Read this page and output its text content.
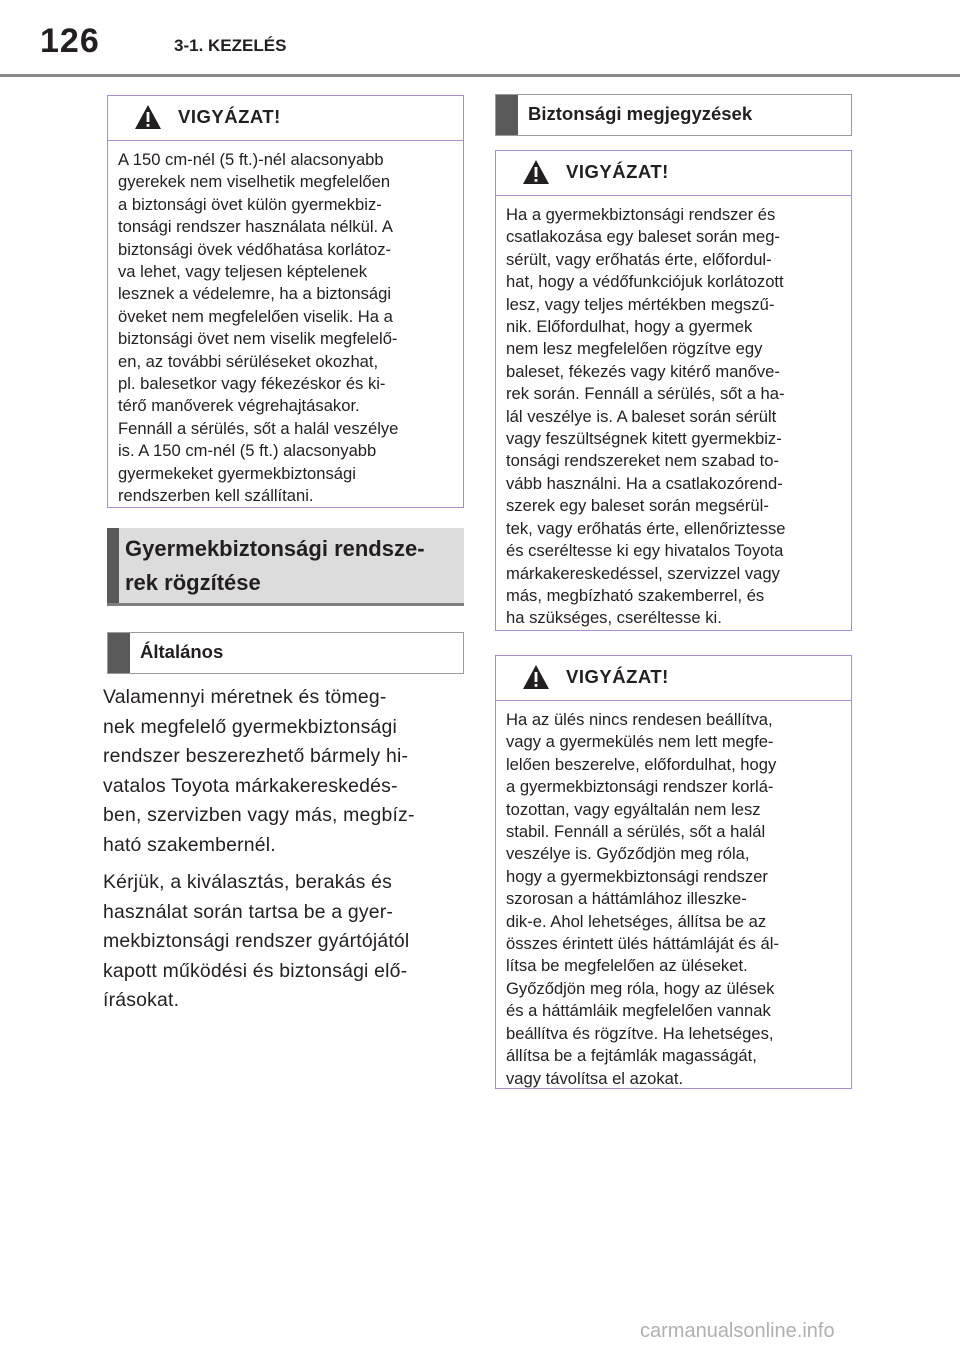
126	3-1. KEZELÉS
VIGYÁZAT!

A 150 cm-nél (5 ft.)-nél alacsonyabb

gyerekek nem viselhetik megfelelően

a biztonsági övet külön gyermekbiz-

tonsági rendszer használata nélkül. A

biztonsági övek védőhatása korlátoz-

va lehet, vagy teljesen képtelenek

lesznek a védelemre, ha a biztonsági

öveket nem megfelelően viselik. Ha a

biztonsági övet nem viselik megfelelő-

en, az további sérüléseket okozhat,

pl. balesetkor vagy fékezéskor és ki-

térő manőverek végrehajtásakor.

Fennáll a sérülés, sőt a halál veszélye

is. A 150 cm-nél (5 ft.) alacsonyabb

gyermekeket gyermekbiztonsági

rendszerben kell szállítani.

Gyermekbiztonsági rendsze-
rek rögzítése
Általános

Valamennyi méretnek és tömeg-
nek megfelelő gyermekbiztonsági
rendszer beszerezhető bármely hi-
vatalos Toyota márkakereskedés-
ben, szervizben vagy más, megbíz-
ható szakembernél.

Kérjük, a kiválasztás, berakás és
használat során tartsa be a gyer-
mekbiztonsági rendszer gyártójától
kapott működési és biztonsági elő-
írásokat.

Biztonsági megjegyzések
VIGYÁZAT!

Ha a gyermekbiztonsági rendszer és

csatlakozása egy baleset során meg-

sérült, vagy erőhatás érte, előfordul-

hat, hogy a védőfunkciójuk korlátozott

lesz, vagy teljes mértékben megszű-

nik. Előfordulhat, hogy a gyermek

nem lesz megfelelően rögzítve egy

baleset, fékezés vagy kitérő manőve-

rek során. Fennáll a sérülés, sőt a ha-

lál veszélye is. A baleset során sérült

vagy feszültségnek kitett gyermekbiz-

tonsági rendszereket nem szabad to-

vább használni. Ha a csatlakozórend-

szerek egy baleset során megsérül-

tek, vagy erőhatás érte, ellenőriztesse

és cseréltesse ki egy hivatalos Toyota

márkakereskedéssel, szervizzel vagy

más, megbízható szakemberrel, és

ha szükséges, cseréltesse ki.

VIGYÁZAT!

Ha az ülés nincs rendesen beállítva,

vagy a gyermekülés nem lett megfe-

lelően beszerelve, előfordulhat, hogy

a gyermekbiztonsági rendszer korlá-

tozottan, vagy egyáltalán nem lesz

stabil. Fennáll a sérülés, sőt a halál

veszélye is. Győződjön meg róla,

hogy a gyermekbiztonsági rendszer

szorosan a háttámlához illeszke-

dik-e. Ahol lehetséges, állítsa be az

összes érintett ülés háttámláját és ál-

lítsa be megfelelően az üléseket.

Győződjön meg róla, hogy az ülések

és a háttámláik megfelelően vannak

beállítva és rögzítve. Ha lehetséges,

állítsa be a fejtámlák magasságát,

vagy távolítsa el azokat.

carmanualsonline.info
